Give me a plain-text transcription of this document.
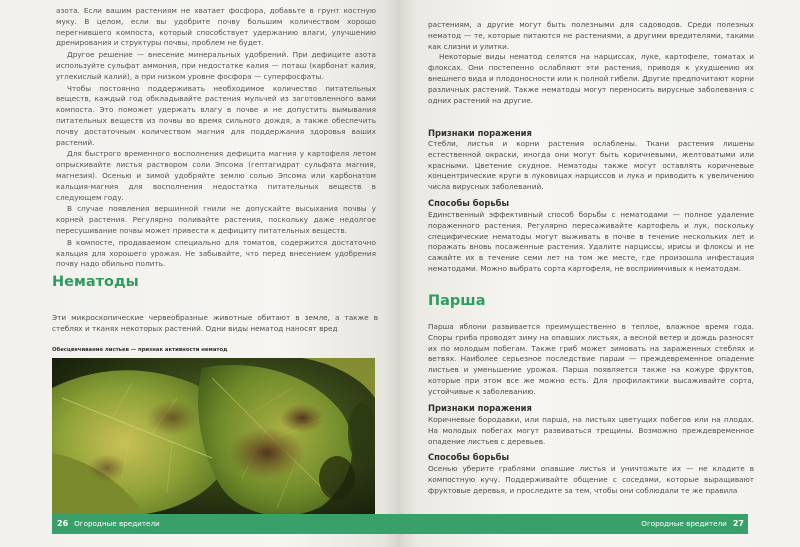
азота. Если вашим растениям не хватает фосфора, добавьте в грунт костную муку. В целом, если вы удобрите почву большим количеством хорошо перегнившего компоста, который способствует удержанию влаги, улучшению дренирования и структуры почвы, проблем не будет.

Другое решение — внесение минеральных удобрений. При дефиците азота используйте сульфат аммония, при недостатке калия — поташ (карбонат калия, углекислый калий), а при низком уровне фосфора — суперфосфаты.

Чтобы постоянно поддерживать необходимое количество питательных веществ, каждый год обкладывайте растения мульчей из заготовленного вами компоста. Это поможет удержать влагу в почве и не допустить вымывания питательных веществ из почвы во время сильного дождя, а также обеспечить почву достаточным количеством магния для поддержания здоровья ваших растений.

Для быстрого временного восполнения дефицита магния у картофеля летом опрыскивайте листья раствором соли Эпсома (гептагидрат сульфата магния, магнезия). Осенью и зимой удобряйте землю солью Эпсома или карбонатом кальция-магния для восполнения недостатка питательных веществ в следующем году.

В случае появления вершинной гнили не допускайте высыхания почвы у корней растения. Регулярно поливайте растения, поскольку даже недолгое пересушивание почвы может привести к дефициту питательных веществ.

В компосте, продаваемом специально для томатов, содержится достаточно кальция для хорошего урожая. Не забывайте, что перед внесением удобрения почву надо обильно полить.

Нематоды

Эти микроскопические червеобразные животные обитают в земле, а также в стеблях и тканях некоторых растений. Одни виды нематод наносят вред

Обесцвечивание листьев — признак активности нематод
26 Огородные вредители

растениям, а другие могут быть полезными для садоводов. Среди полезных нематод — те, которые питаются не растениями, а другими вредителями, такими как слизни и улитки.

Некоторые виды нематод селятся на нарциссах, луке, картофеле, томатах и флоксах. Они постепенно ослабляют эти растения, приводя к ухудшению их внешнего вида и плодоносности или к полной гибели. Другие предпочитают корни различных растений. Также нематоды могут переносить вирусные заболевания с одних растений на другие.

Признаки поражения

Стебли, листья и корни растения ослаблены. Ткани растения лишены естественной окраски, иногда они могут быть коричневыми, желтоватыми или красными. Цветение скудное. Нематоды также могут оставлять коричневые концентрические круги в луковицах нарциссов и лука и приводить к увеличению числа вирусных заболеваний.

Способы борьбы

Единственный эффективный способ борьбы с нематодами — полное удаление пораженного растения. Регулярно пересаживайте картофель и лук, поскольку специфические нематоды могут выживать в почве в течение нескольких лет и поражать вновь посаженные растения. Удалите нарциссы, ирисы и флоксы и не сажайте их в течение семи лет на том же месте, где произошла инфестация нематодами. Можно выбрать сорта картофеля, не восприимчивых к нематодам.

Парша

Парша яблони развивается преимущественно в теплое, влажное время года. Споры гриба проводят зиму на опавших листьях, а весной ветер и дождь разносят их по молодым побегам. Также гриб может зимовать на зараженных стеблях и ветвях. Наиболее серьезное последствие парши — преждевременное опадение листьев и уменьшение урожая. Парша появляется также на кожуре фруктов, которые при этом все же можно есть. Для профилактики высаживайте сорта, устойчивые к заболеванию.

Признаки поражения

Коричневые бородавки, или парша, на листьях цветущих побегов или на плодах. На молодых побегах могут развиваться трещины. Возможно преждевременное опадение листьев с деревьев.

Способы борьбы

Осенью уберите граблями опавшие листья и уничтожьте их — не кладите в компостную кучу. Поддерживайте общение с соседями, которые выращивают фруктовые деревья, и проследите за тем, чтобы они соблюдали те же правила

Огородные вредители 27
